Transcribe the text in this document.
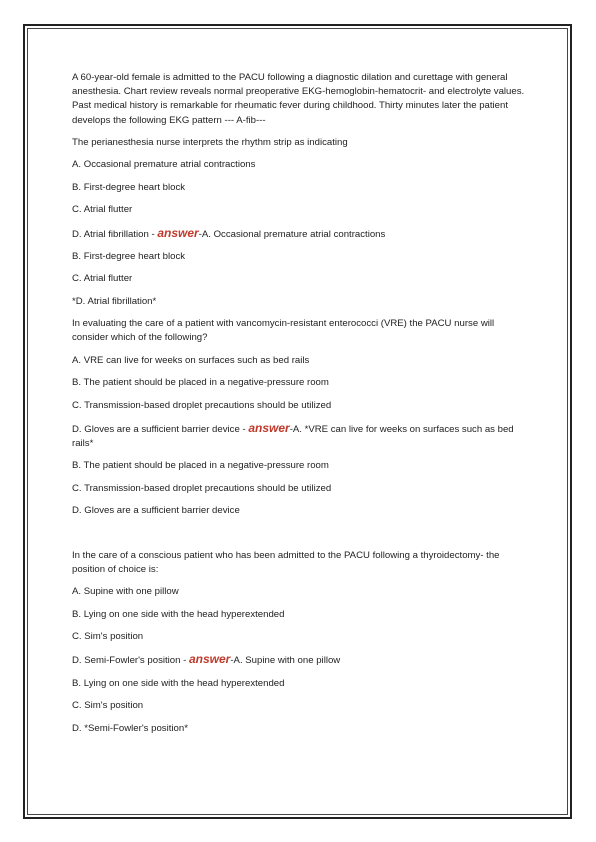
A 60-year-old female is admitted to the PACU following a diagnostic dilation and curettage with general anesthesia. Chart review reveals normal preoperative EKG-hemoglobin-hematocrit- and electrolyte values. Past medical history is remarkable for rheumatic fever during childhood. Thirty minutes later the patient develops the following EKG pattern --- A-fib---

The perianesthesia nurse interprets the rhythm strip as indicating

A. Occasional premature atrial contractions

B. First-degree heart block

C. Atrial flutter

D. Atrial fibrillation - answer-A. Occasional premature atrial contractions

B. First-degree heart block

C. Atrial flutter

*D. Atrial fibrillation*

In evaluating the care of a patient with vancomycin-resistant enterococci (VRE) the PACU nurse will consider which of the following?

A. VRE can live for weeks on surfaces such as bed rails

B. The patient should be placed in a negative-pressure room

C. Transmission-based droplet precautions should be utilized

D. Gloves are a sufficient barrier device - answer-A. *VRE can live for weeks on surfaces such as bed rails*

B. The patient should be placed in a negative-pressure room

C. Transmission-based droplet precautions should be utilized

D. Gloves are a sufficient barrier device

In the care of a conscious patient who has been admitted to the PACU following a thyroidectomy- the position of choice is:

A. Supine with one pillow

B. Lying on one side with the head hyperextended

C. Sim's position

D. Semi-Fowler's position - answer-A. Supine with one pillow

B. Lying on one side with the head hyperextended

C. Sim's position

D. *Semi-Fowler's position*
